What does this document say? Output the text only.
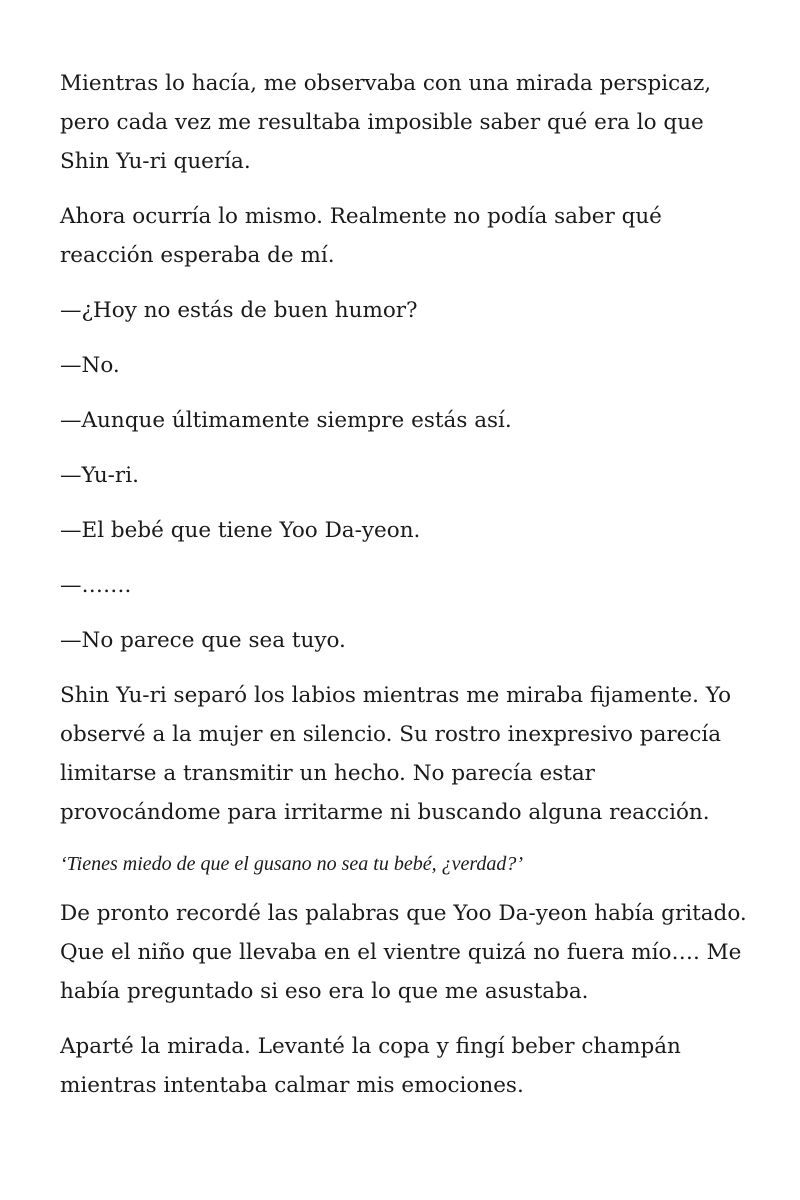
Mientras lo hacía, me observaba con una mirada perspicaz, pero cada vez me resultaba imposible saber qué era lo que Shin Yu-ri quería.

Ahora ocurría lo mismo. Realmente no podía saber qué reacción esperaba de mí.

—¿Hoy no estás de buen humor?

—No.

—Aunque últimamente siempre estás así.

—Yu-ri.

—El bebé que tiene Yoo Da-yeon.

—…….

—No parece que sea tuyo.

Shin Yu-ri separó los labios mientras me miraba fijamente. Yo observé a la mujer en silencio. Su rostro inexpresivo parecía limitarse a transmitir un hecho. No parecía estar provocándome para irritarme ni buscando alguna reacción.

‘Tienes miedo de que el gusano no sea tu bebé, ¿verdad?’

De pronto recordé las palabras que Yoo Da-yeon había gritado. Que el niño que llevaba en el vientre quizá no fuera mío…. Me había preguntado si eso era lo que me asustaba.

Aparté la mirada. Levanté la copa y fingí beber champán mientras intentaba calmar mis emociones.
